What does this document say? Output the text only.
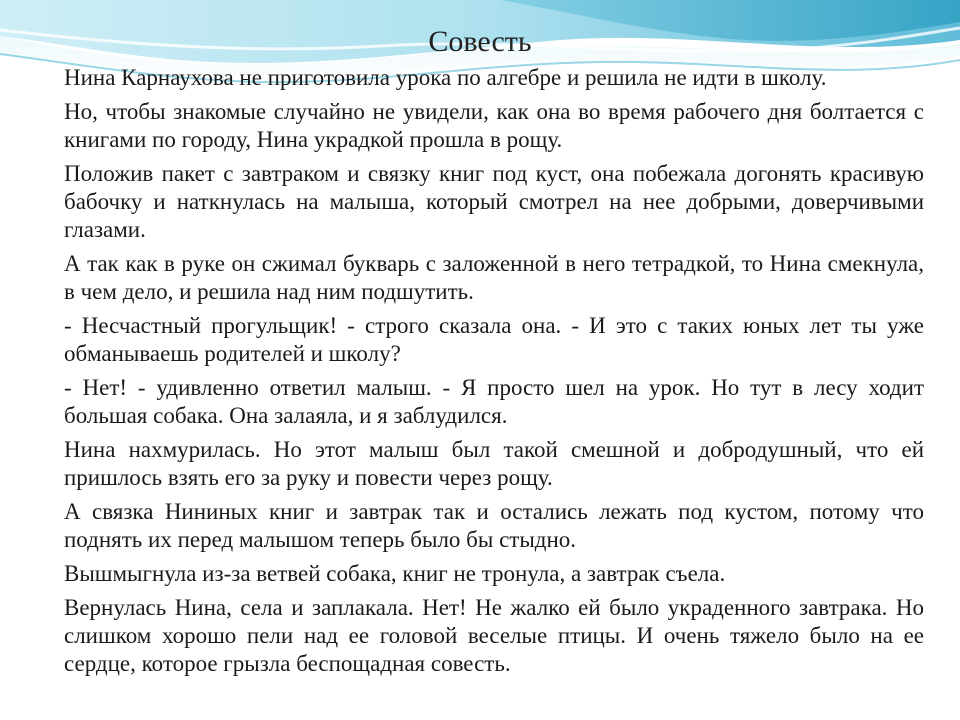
Совесть

Нина Карнаухова не приготовила урока по алгебре и решила не идти в школу.

Но, чтобы знакомые случайно не увидели, как она во время рабочего дня болтается с книгами по городу, Нина украдкой прошла в рощу.

Положив пакет с завтраком и связку книг под куст, она побежала догонять красивую бабочку и наткнулась на малыша, который смотрел на нее добрыми, доверчивыми глазами.

А так как в руке он сжимал букварь с заложенной в него тетрадкой, то Нина смекнула, в чем дело, и решила над ним подшутить.

- Несчастный прогульщик! - строго сказала она. - И это с таких юных лет ты уже обманываешь родителей и школу?

- Нет! - удивленно ответил малыш. - Я просто шел на урок. Но тут в лесу ходит большая собака. Она залаяла, и я заблудился.

Нина нахмурилась. Но этот малыш был такой смешной и добродушный, что ей пришлось взять его за руку и повести через рощу.

А связка Нининых книг и завтрак так и остались лежать под кустом, потому что поднять их перед малышом теперь было бы стыдно.

Вышмыгнула из-за ветвей собака, книг не тронула, а завтрак съела.

Вернулась Нина, села и заплакала. Нет! Не жалко ей было украденного завтрака. Но слишком хорошо пели над ее головой веселые птицы. И очень тяжело было на ее сердце, которое грызла беспощадная совесть.
